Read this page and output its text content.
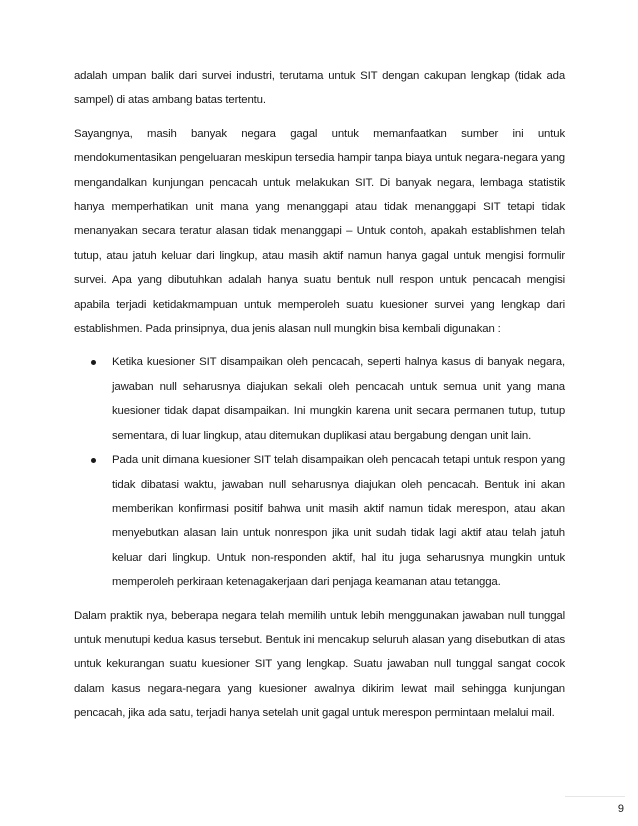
adalah umpan balik dari survei industri, terutama untuk SIT dengan cakupan lengkap (tidak ada sampel) di atas ambang batas tertentu.

Sayangnya, masih banyak negara gagal untuk memanfaatkan sumber ini untuk mendokumentasikan pengeluaran meskipun tersedia hampir tanpa biaya untuk negara-negara yang mengandalkan kunjungan pencacah untuk melakukan SIT. Di banyak negara, lembaga statistik hanya memperhatikan unit mana yang menanggapi atau tidak menanggapi SIT tetapi tidak menanyakan secara teratur alasan tidak menanggapi – Untuk contoh, apakah establishmen telah tutup, atau jatuh keluar dari lingkup, atau masih aktif namun hanya gagal untuk mengisi formulir survei. Apa yang dibutuhkan adalah hanya suatu bentuk null respon untuk pencacah mengisi apabila terjadi ketidakmampuan untuk memperoleh suatu kuesioner survei yang lengkap dari establishmen. Pada prinsipnya, dua jenis alasan null mungkin bisa kembali digunakan :

Ketika kuesioner SIT disampaikan oleh pencacah, seperti halnya kasus di banyak negara, jawaban null seharusnya diajukan sekali oleh pencacah untuk semua unit yang mana kuesioner tidak dapat disampaikan. Ini mungkin karena unit secara permanen tutup, tutup sementara, di luar lingkup, atau ditemukan duplikasi atau bergabung dengan unit lain.
Pada unit dimana kuesioner SIT telah disampaikan oleh pencacah tetapi untuk respon yang tidak dibatasi waktu, jawaban null seharusnya diajukan oleh pencacah. Bentuk ini akan memberikan konfirmasi positif bahwa unit masih aktif namun tidak merespon, atau akan menyebutkan alasan lain untuk nonrespon jika unit sudah tidak lagi aktif atau telah jatuh keluar dari lingkup. Untuk non-responden aktif, hal itu juga seharusnya mungkin untuk memperoleh perkiraan ketenagakerjaan dari penjaga keamanan atau tetangga.

Dalam praktik nya, beberapa negara telah memilih untuk lebih menggunakan jawaban null tunggal untuk menutupi kedua kasus tersebut. Bentuk ini mencakup seluruh alasan yang disebutkan di atas untuk kekurangan suatu kuesioner SIT yang lengkap. Suatu jawaban null tunggal sangat cocok dalam kasus negara-negara yang kuesioner awalnya dikirim lewat mail sehingga kunjungan pencacah, jika ada satu, terjadi hanya setelah unit gagal untuk merespon permintaan melalui mail.

9
